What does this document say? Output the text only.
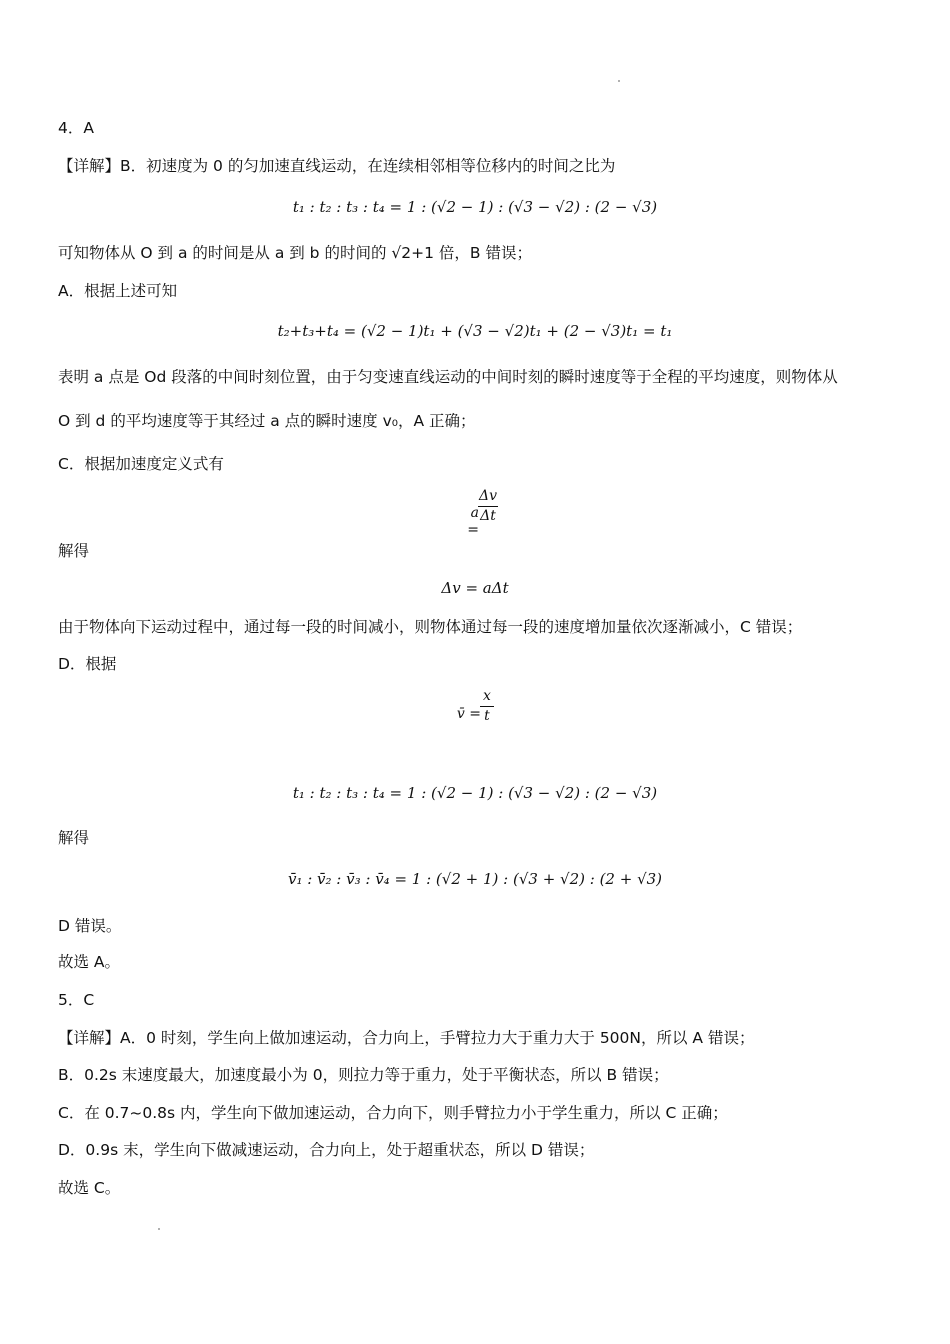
4．A
【详解】B．初速度为 0 的匀加速直线运动，在连续相邻相等位移内的时间之比为
t₁ : t₂ : t₃ : t₄ = 1 : (√2 − 1) : (√3 − √2) : (2 − √3)
可知物体从 O 到 a 的时间是从 a 到 b 的时间的 √2+1 倍，B 错误；
A．根据上述可知
t₂+t₃+t₄ = (√2 − 1)t₁ + (√3 − √2)t₁ + (2 − √3)t₁ = t₁
表明 a 点是 Od 段落的中间时刻位置，由于匀变速直线运动的中间时刻的瞬时速度等于全程的平均速度，则物体从
O 到 d 的平均速度等于其经过 a 点的瞬时速度 v₀，A 正确；
C．根据加速度定义式有
a =
Δv
Δt
解得
Δv = aΔt
由于物体向下运动过程中，通过每一段的时间减小，则物体通过每一段的速度增加量依次逐渐减小，C 错误；
D．根据
v̄ =
x
t
t₁ : t₂ : t₃ : t₄ = 1 : (√2 − 1) : (√3 − √2) : (2 − √3)
解得
v̄₁ : v̄₂ : v̄₃ : v̄₄ = 1 : (√2 + 1) : (√3 + √2) : (2 + √3)
D 错误。
故选 A。
5．C
【详解】A．0 时刻，学生向上做加速运动，合力向上，手臂拉力大于重力大于 500N，所以 A 错误；
B．0.2s 末速度最大，加速度最小为 0，则拉力等于重力，处于平衡状态，所以 B 错误；
C．在 0.7~0.8s 内，学生向下做加速运动，合力向下，则手臂拉力小于学生重力，所以 C 正确；
D．0.9s 末，学生向下做减速运动，合力向上，处于超重状态，所以 D 错误；
故选 C。
